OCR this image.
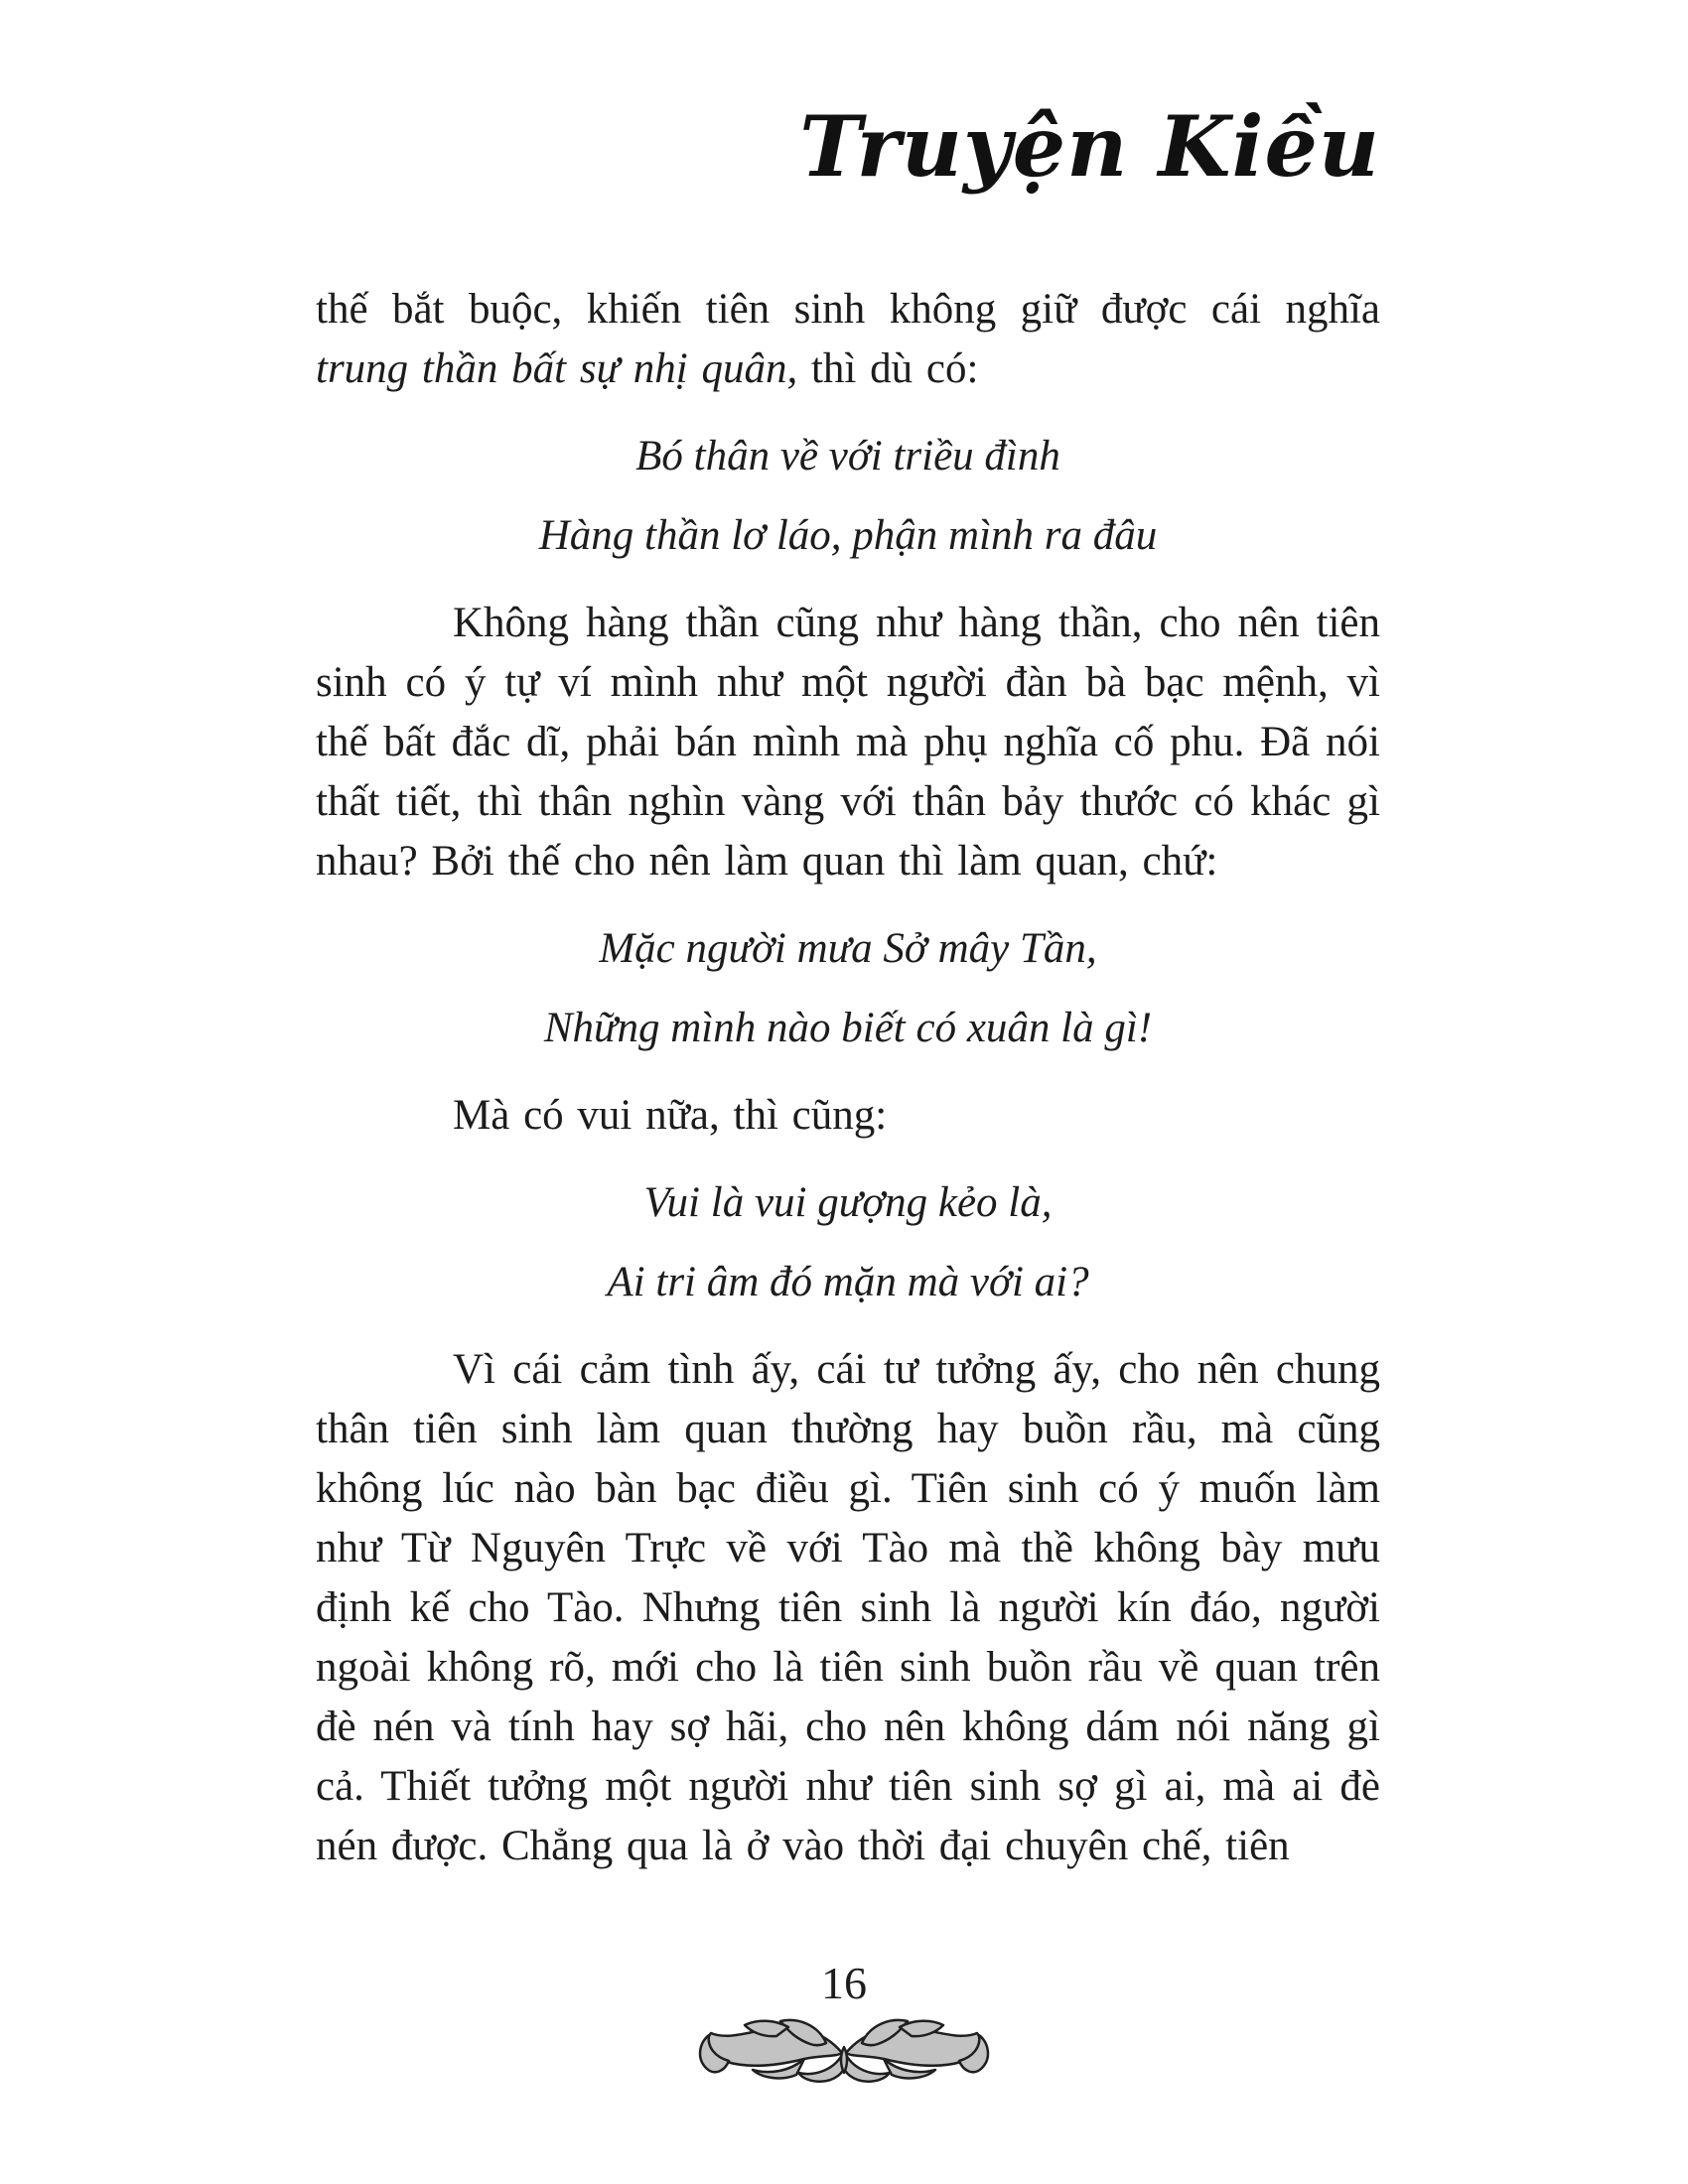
Truyện Kiều

thế bắt buộc, khiến tiên sinh không giữ được cái nghĩa trung thần bất sự nhị quân, thì dù có:

Bó thân về với triều đình
Hàng thần lơ láo, phận mình ra đâu

Không hàng thần cũng như hàng thần, cho nên tiên sinh có ý tự ví mình như một người đàn bà bạc mệnh, vì thế bất đắc dĩ, phải bán mình mà phụ nghĩa cố phu. Đã nói thất tiết, thì thân nghìn vàng với thân bảy thước có khác gì nhau? Bởi thế cho nên làm quan thì làm quan, chứ:

Mặc người mưa Sở mây Tần,
Những mình nào biết có xuân là gì!

Mà có vui nữa, thì cũng:

Vui là vui gượng kẻo là,
Ai tri âm đó mặn mà với ai?

Vì cái cảm tình ấy, cái tư tưởng ấy, cho nên chung thân tiên sinh làm quan thường hay buồn rầu, mà cũng không lúc nào bàn bạc điều gì. Tiên sinh có ý muốn làm như Từ Nguyên Trực về với Tào mà thề không bày mưu định kế cho Tào. Nhưng tiên sinh là người kín đáo, người ngoài không rõ, mới cho là tiên sinh buồn rầu về quan trên đè nén và tính hay sợ hãi, cho nên không dám nói năng gì cả. Thiết tưởng một người như tiên sinh sợ gì ai, mà ai đè nén được. Chẳng qua là ở vào thời đại chuyên chế, tiên

16
